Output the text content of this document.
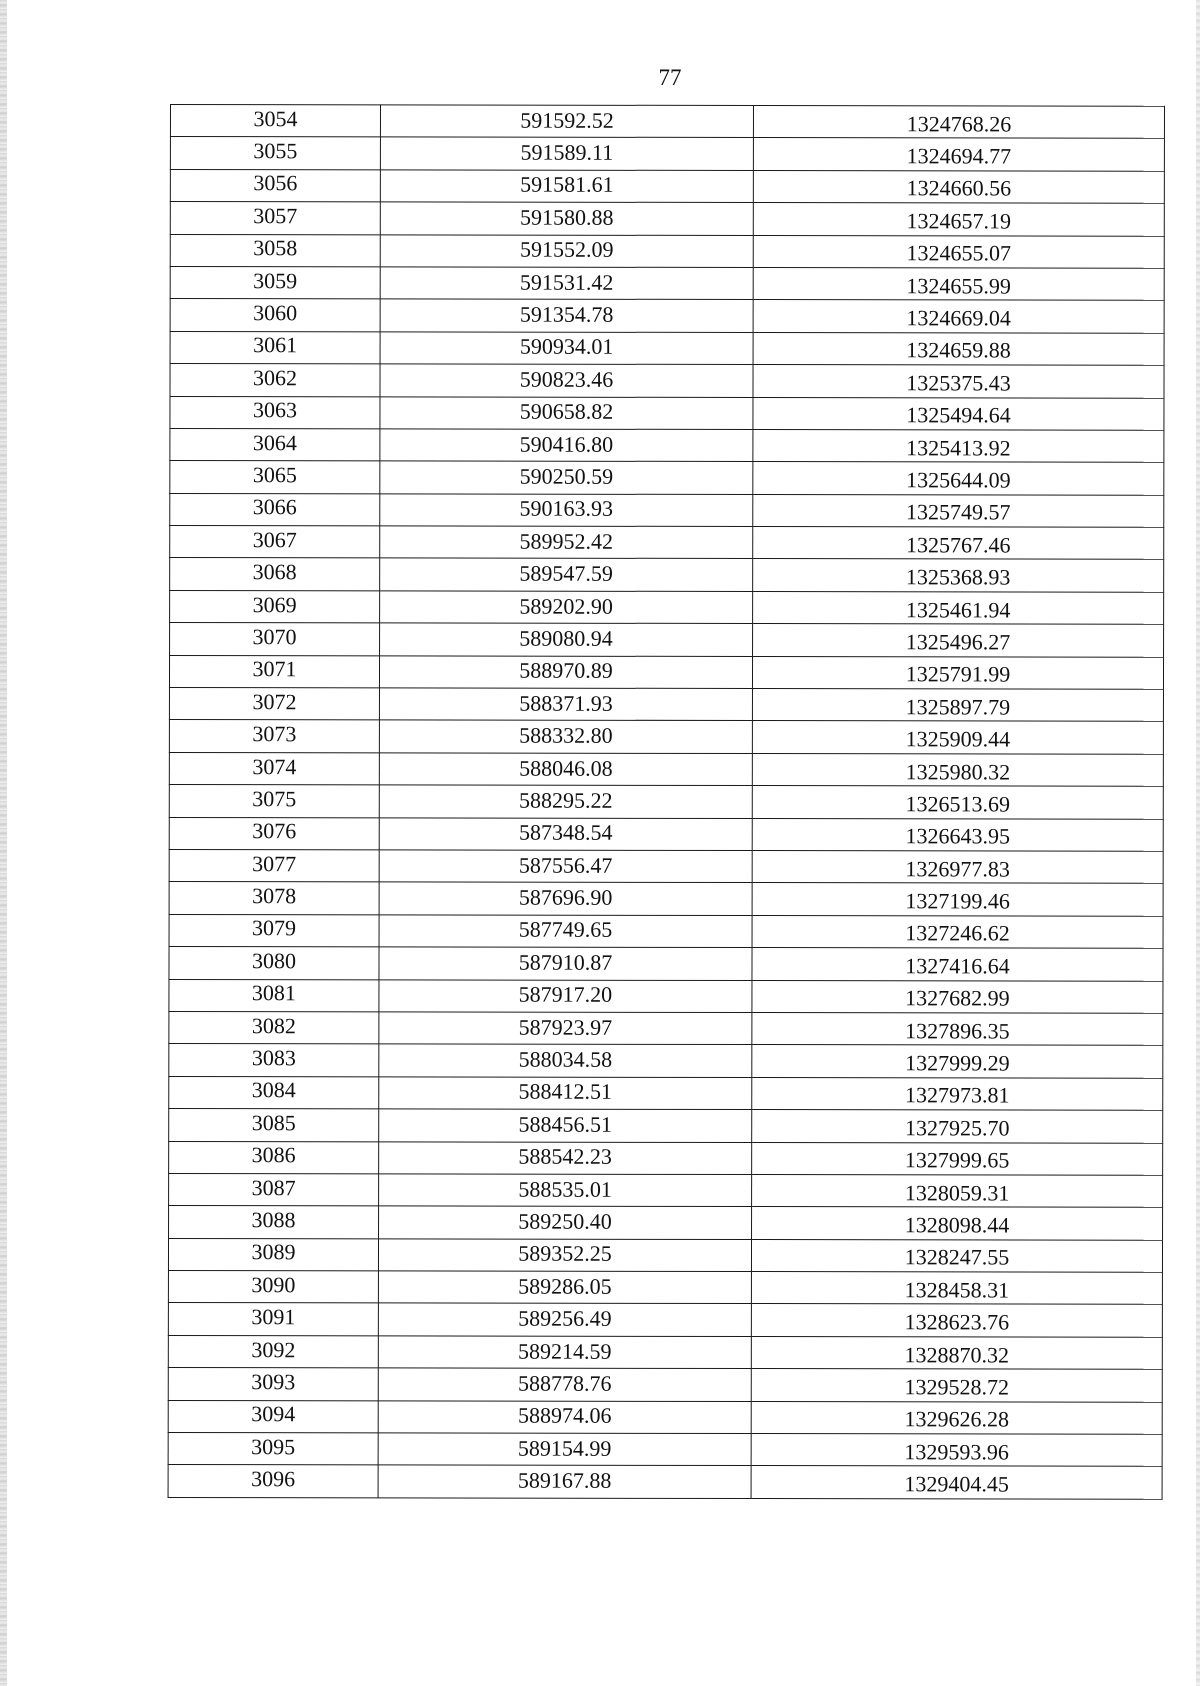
77
3054	591592.52	1324768.26
3055	591589.11	1324694.77
3056	591581.61	1324660.56
3057	591580.88	1324657.19
3058	591552.09	1324655.07
3059	591531.42	1324655.99
3060	591354.78	1324669.04
3061	590934.01	1324659.88
3062	590823.46	1325375.43
3063	590658.82	1325494.64
3064	590416.80	1325413.92
3065	590250.59	1325644.09
3066	590163.93	1325749.57
3067	589952.42	1325767.46
3068	589547.59	1325368.93
3069	589202.90	1325461.94
3070	589080.94	1325496.27
3071	588970.89	1325791.99
3072	588371.93	1325897.79
3073	588332.80	1325909.44
3074	588046.08	1325980.32
3075	588295.22	1326513.69
3076	587348.54	1326643.95
3077	587556.47	1326977.83
3078	587696.90	1327199.46
3079	587749.65	1327246.62
3080	587910.87	1327416.64
3081	587917.20	1327682.99
3082	587923.97	1327896.35
3083	588034.58	1327999.29
3084	588412.51	1327973.81
3085	588456.51	1327925.70
3086	588542.23	1327999.65
3087	588535.01	1328059.31
3088	589250.40	1328098.44
3089	589352.25	1328247.55
3090	589286.05	1328458.31
3091	589256.49	1328623.76
3092	589214.59	1328870.32
3093	588778.76	1329528.72
3094	588974.06	1329626.28
3095	589154.99	1329593.96
3096	589167.88	1329404.45
